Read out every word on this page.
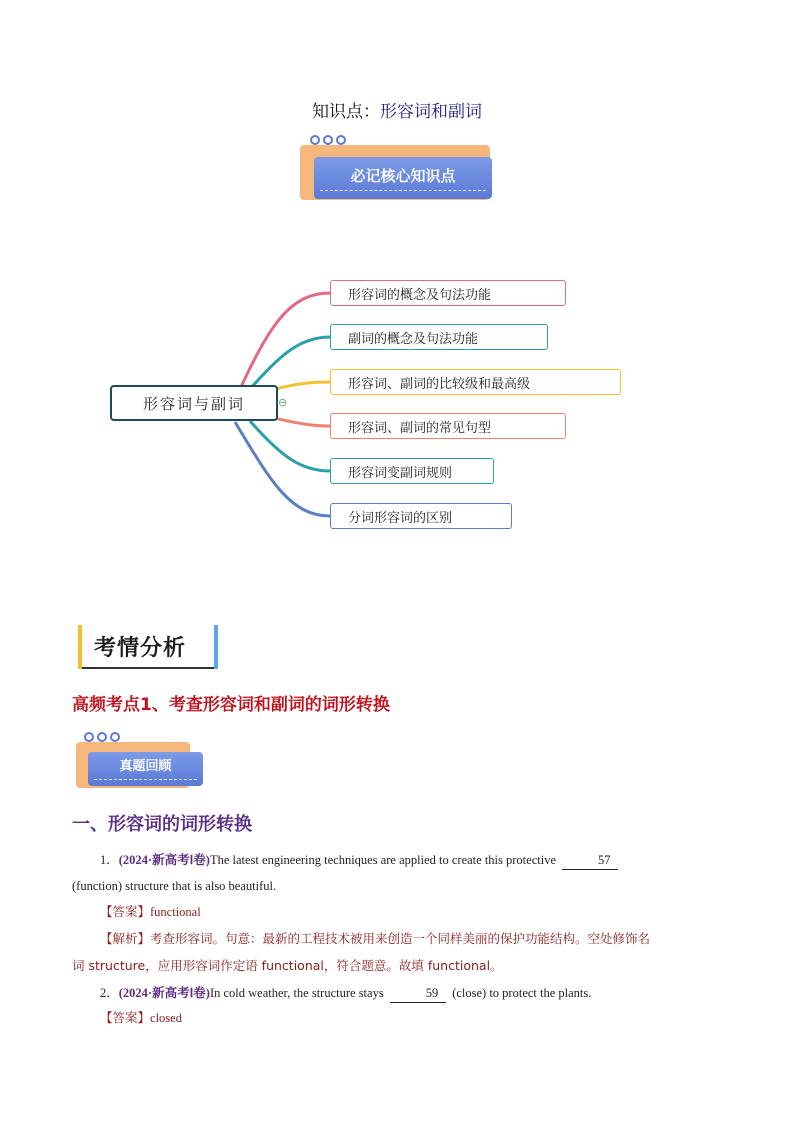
知识点：形容词和副词
必记核心知识点
形容词与副词	⊖
形容词的概念及句法功能
副词的概念及句法功能
形容词、副词的比较级和最高级
形容词、副词的常见句型
形容词变副词规则
分词形容词的区别
考情分析
高频考点1、考查形容词和副词的词形转换
真题回顾
一、形容词的词形转换
1．(2024·新高考Ⅰ卷)The latest engineering techniques are applied to create this protective	57
(function) structure that is also beautiful.
【答案】functional
【解析】考查形容词。句意：最新的工程技术被用来创造一个同样美丽的保护功能结构。空处修饰名
词 structure，应用形容词作定语 functional，符合题意。故填 functional。
2．(2024·新高考Ⅰ卷)In cold weather, the structure stays	59 (close) to protect the plants.
【答案】closed
